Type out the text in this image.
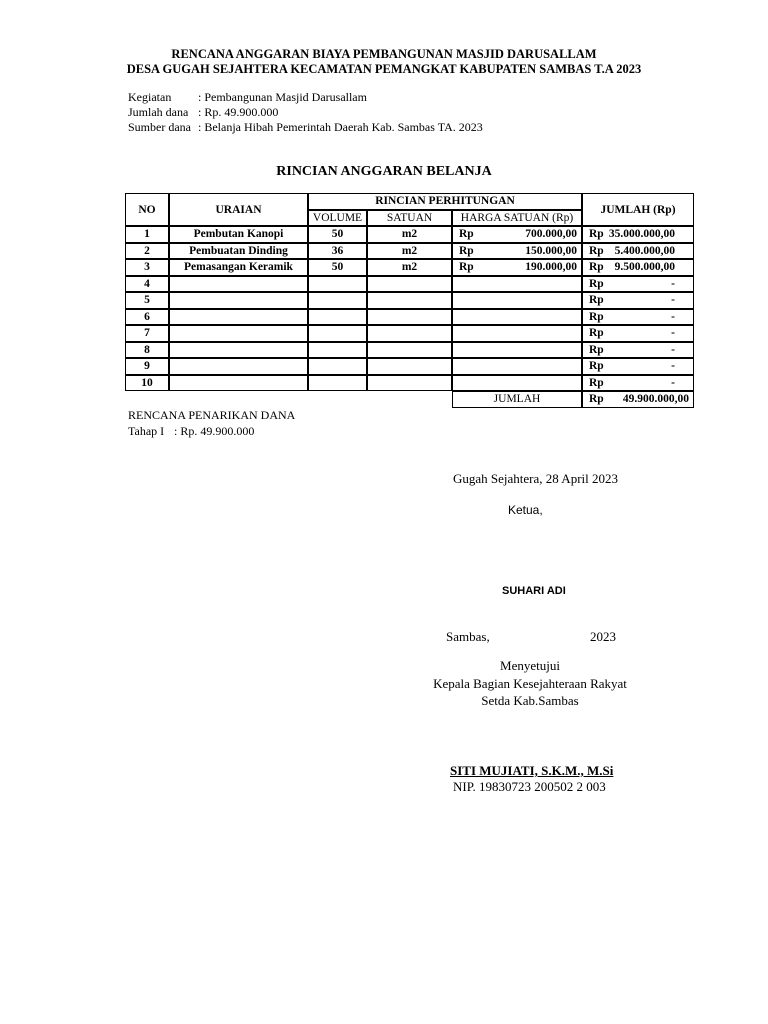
RENCANA ANGGARAN BIAYA PEMBANGUNAN MASJID DARUSALLAM
DESA GUGAH SEJAHTERA KECAMATAN PEMANGKAT KABUPATEN SAMBAS T.A 2023
Kegiatan : Pembangunan Masjid Darusallam
Jumlah dana : Rp. 49.900.000
Sumber dana : Belanja Hibah Pemerintah Daerah Kab. Sambas TA. 2023
RINCIAN ANGGARAN BELANJA
NO	URAIAN	RINCIAN PERHITUNGAN			JUMLAH (Rp)
		VOLUME	SATUAN	HARGA SATUAN (Rp)	
1	Pembutan Kanopi	50	m2	Rp 700.000,00	Rp 35.000.000,00

2	Pembuatan Dinding	36	m2	Rp 150.000,00	Rp 5.400.000,00

3	Pemasangan Keramik	50	m2	Rp 190.000,00	Rp 9.500.000,00

4					Rp -

5					Rp -

6					Rp -

7					Rp -

8					Rp -

9					Rp -

10					Rp -

				JUMLAH	Rp 49.900.000,00
RENCANA PENARIKAN DANA
Tahap I : Rp. 49.900.000
Gugah Sejahtera, 28 April 2023
Ketua,
SUHARI ADI
Sambas,	2023
Menyetujui
Kepala Bagian Kesejahteraan Rakyat
Setda Kab.Sambas
SITI MUJIATI, S.K.M., M.Si
NIP. 19830723 200502 2 003
